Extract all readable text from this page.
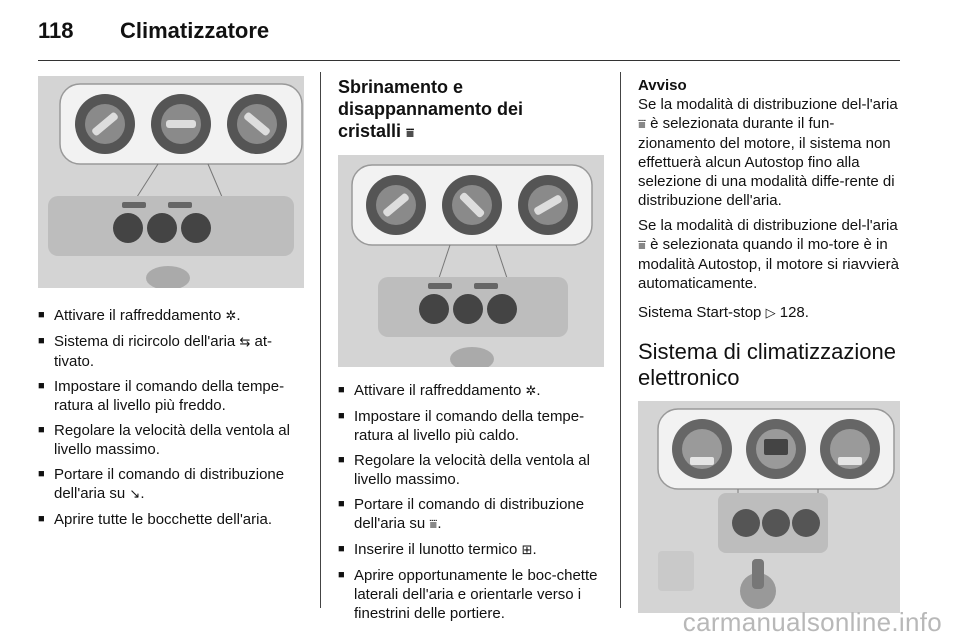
118 Climatizzatore
■ Attivare il raffreddamento ✲.
■ Sistema di ricircolo dell'aria ⇆ at-tivato.
■ Impostare il comando della tempe-ratura al livello più freddo.
■ Regolare la velocità della ventola al livello massimo.
■ Portare il comando di distribuzione dell'aria su ↘.
■ Aprire tutte le bocchette dell'aria.
Sbrinamento e
disappannamento dei
cristalli ⩸
■ Attivare il raffreddamento ✲.
■ Impostare il comando della tempe-ratura al livello più caldo.
■ Regolare la velocità della ventola al livello massimo.
■ Portare il comando di distribuzione dell'aria su ⩸.
■ Inserire il lunotto termico ⊞.
■ Aprire opportunamente le boc-chette laterali dell'aria e orientarle verso i finestrini delle portiere.
Avviso

Se la modalità di distribuzione del-l'aria ⩸ è selezionata durante il fun-zionamento del motore, il sistema non effettuerà alcun Autostop fino alla selezione di una modalità diffe-rente di distribuzione dell'aria.

Se la modalità di distribuzione del-l'aria ⩸ è selezionata quando il mo-tore è in modalità Autostop, il motore si riavvierà automaticamente.

Sistema Start-stop ▷ 128.
Sistema di climatizzazione
elettronico
carmanualsonline.info
